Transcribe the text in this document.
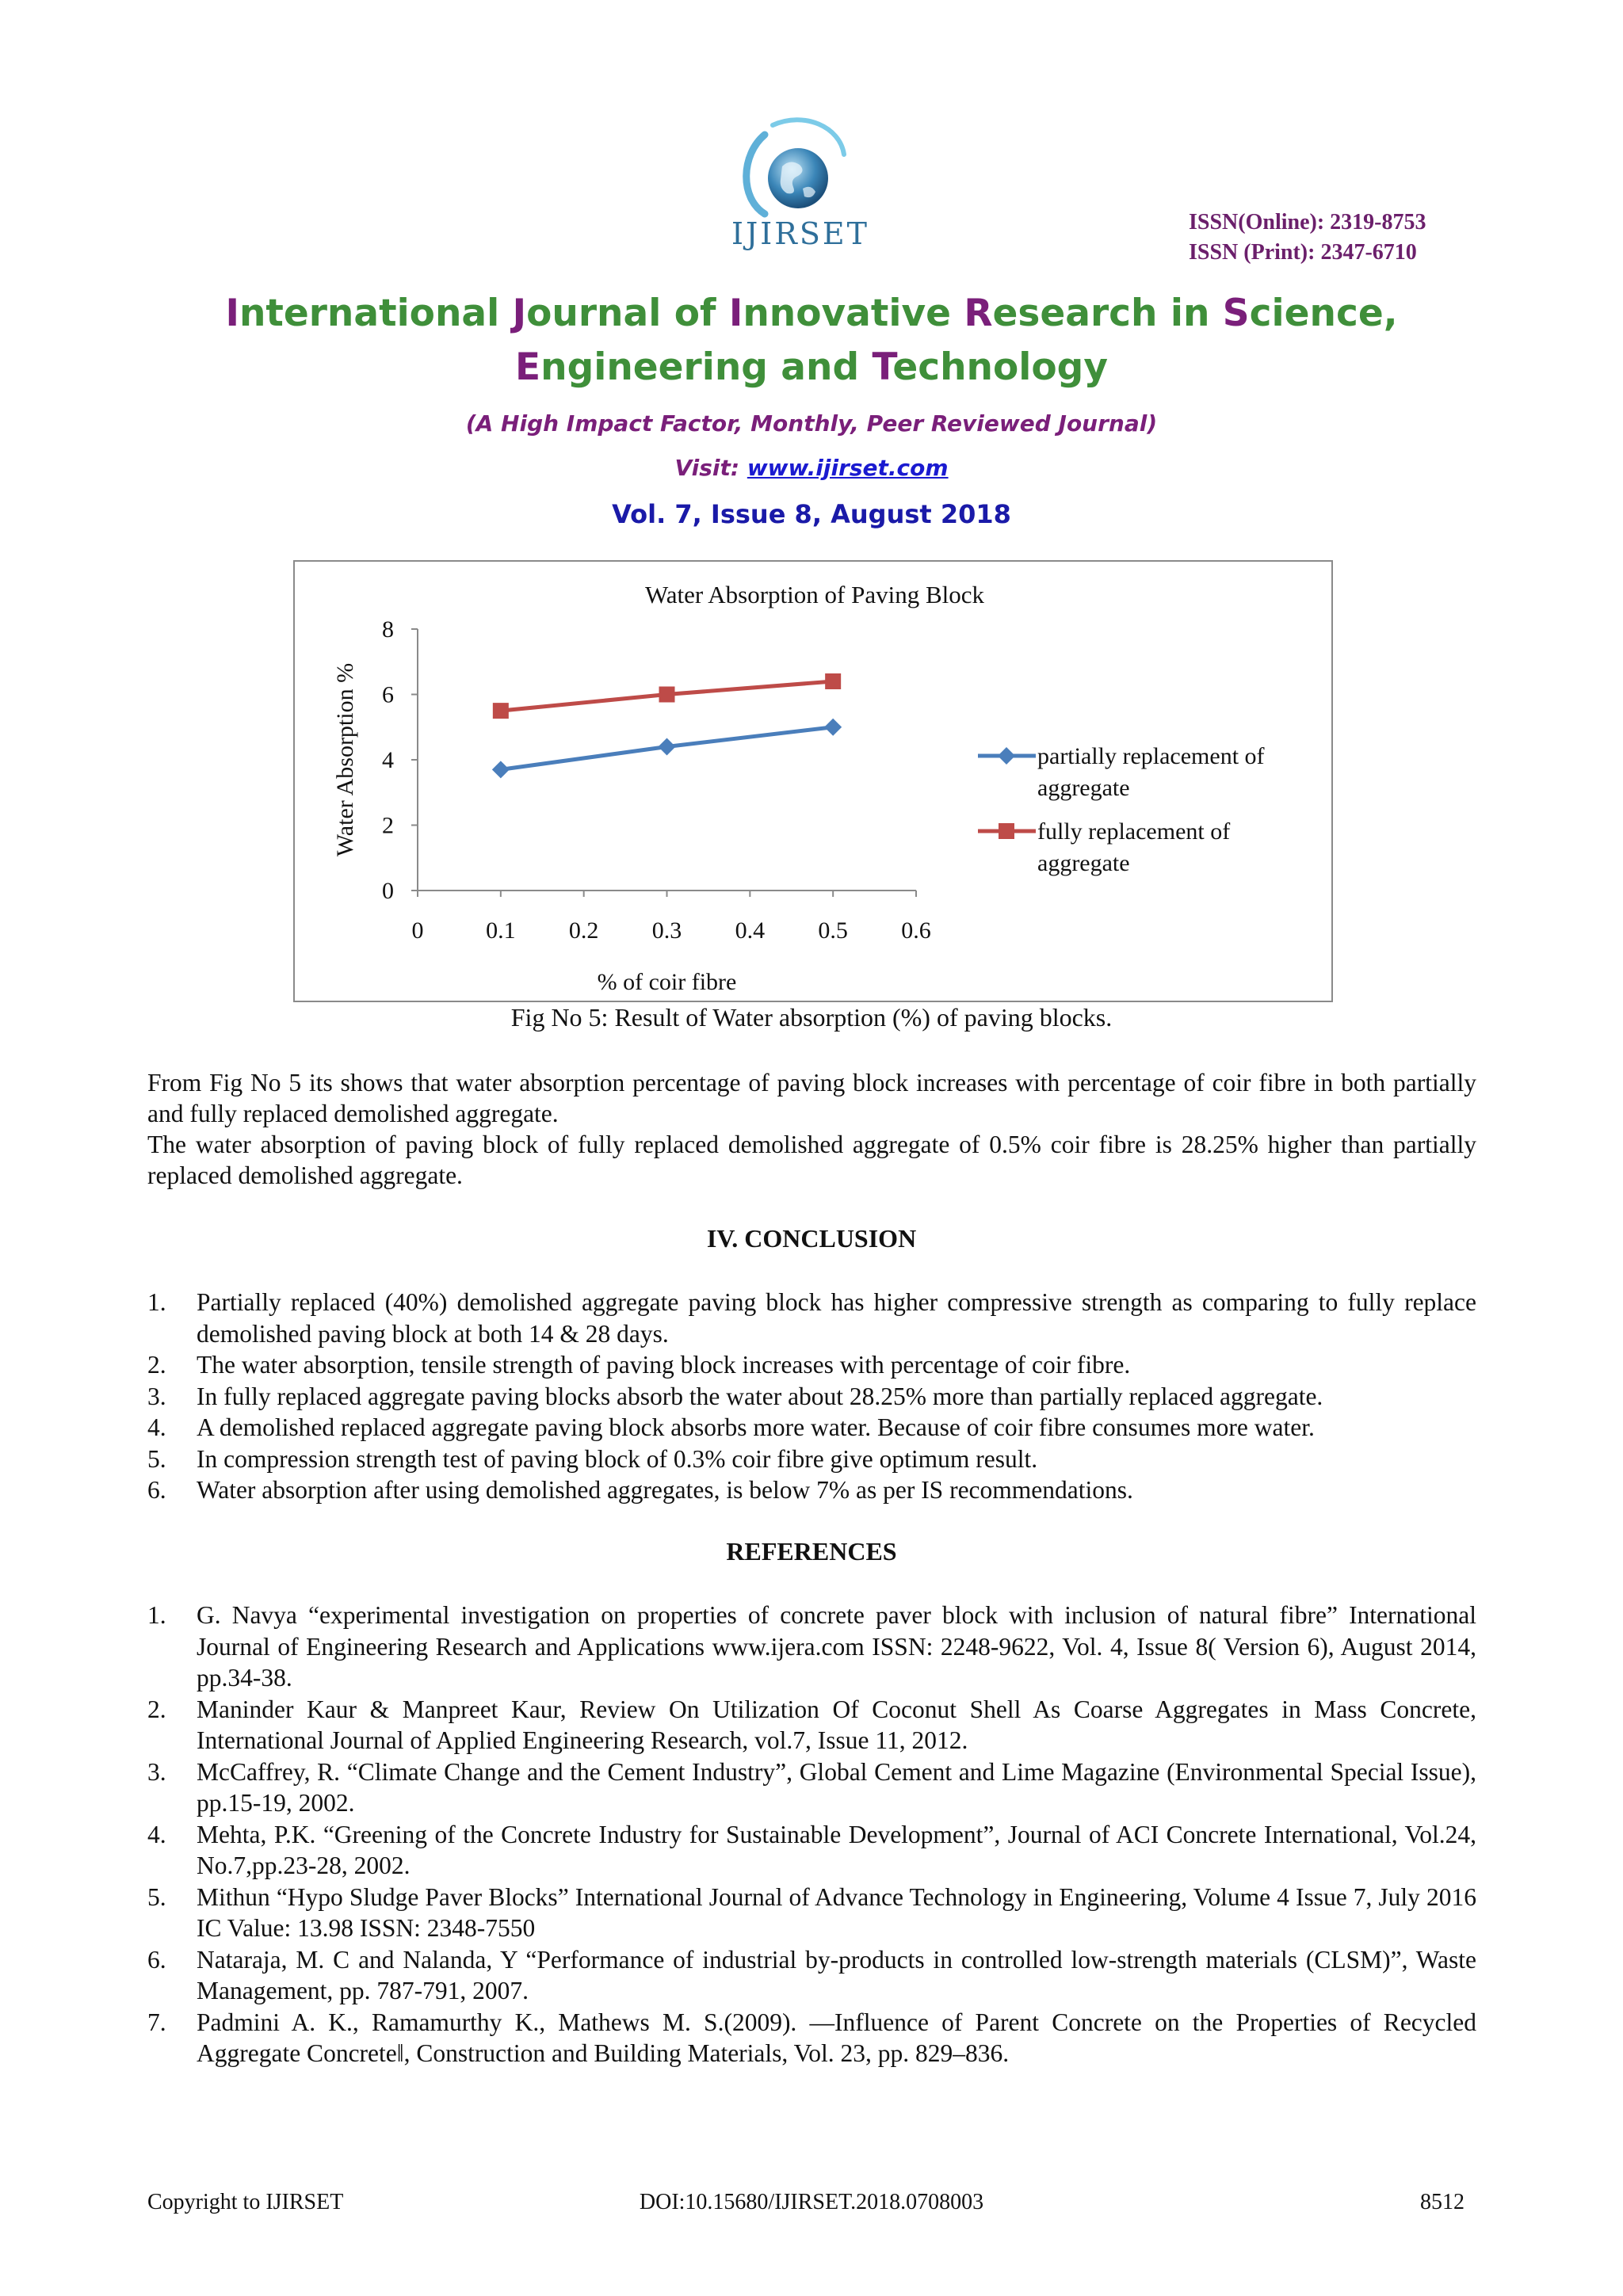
IJIRSET	ISSN(Online): 2319-8753
ISSN (Print): 2347-6710
International Journal of Innovative Research in Science,
Engineering and Technology
(A High Impact Factor, Monthly, Peer Reviewed Journal)
Visit: www.ijirset.com
Vol. 7, Issue 8, August 2018
Water Absorption of Paving Block
0
2
4
6
8
0	0.1 0.2 0.3 0.4 0.5 0.6
% of coir fibre
Water Absorption %	partially replacement of
aggregate
fully replacement of
aggregate
Fig No 5: Result of Water absorption (%) of paving blocks.
From Fig No 5 its shows that water absorption percentage of paving block increases with percentage of coir fibre in both partially and fully replaced demolished aggregate.
The water absorption of paving block of fully replaced demolished aggregate of 0.5% coir fibre is 28.25% higher than partially replaced demolished aggregate.
IV. CONCLUSION
1. Partially replaced (40%) demolished aggregate paving block has higher compressive strength as comparing to fully replace demolished paving block at both 14 & 28 days.
2. The water absorption, tensile strength of paving block increases with percentage of coir fibre.
3. In fully replaced aggregate paving blocks absorb the water about 28.25% more than partially replaced aggregate.
4. A demolished replaced aggregate paving block absorbs more water. Because of coir fibre consumes more water.
5. In compression strength test of paving block of 0.3% coir fibre give optimum result.
6. Water absorption after using demolished aggregates, is below 7% as per IS recommendations.
REFERENCES
1. G. Navya “experimental investigation on properties of concrete paver block with inclusion of natural fibre” International Journal of Engineering Research and Applications www.ijera.com ISSN: 2248-9622, Vol. 4, Issue 8( Version 6), August 2014, pp.34-38.
2. Maninder Kaur & Manpreet Kaur, Review On Utilization Of Coconut Shell As Coarse Aggregates in Mass Concrete, International Journal of Applied Engineering Research, vol.7, Issue 11, 2012.
3. McCaffrey, R. “Climate Change and the Cement Industry”, Global Cement and Lime Magazine (Environmental Special Issue), pp.15-19, 2002.
4. Mehta, P.K. “Greening of the Concrete Industry for Sustainable Development”, Journal of ACI Concrete International, Vol.24, No.7,pp.23-28, 2002.
5. Mithun “Hypo Sludge Paver Blocks” International Journal of Advance Technology in Engineering, Volume 4 Issue 7, July 2016 IC Value: 13.98 ISSN: 2348-7550
6. Nataraja, M. C and Nalanda, Y “Performance of industrial by-products in controlled low-strength materials (CLSM)”, Waste Management, pp. 787-791, 2007.
7. Padmini A. K., Ramamurthy K., Mathews M. S.(2009). ―Influence of Parent Concrete on the Properties of Recycled Aggregate Concrete‖, Construction and Building Materials, Vol. 23, pp. 829–836.
Copyright to IJIRSET	DOI:10.15680/IJIRSET.2018.0708003	8512
